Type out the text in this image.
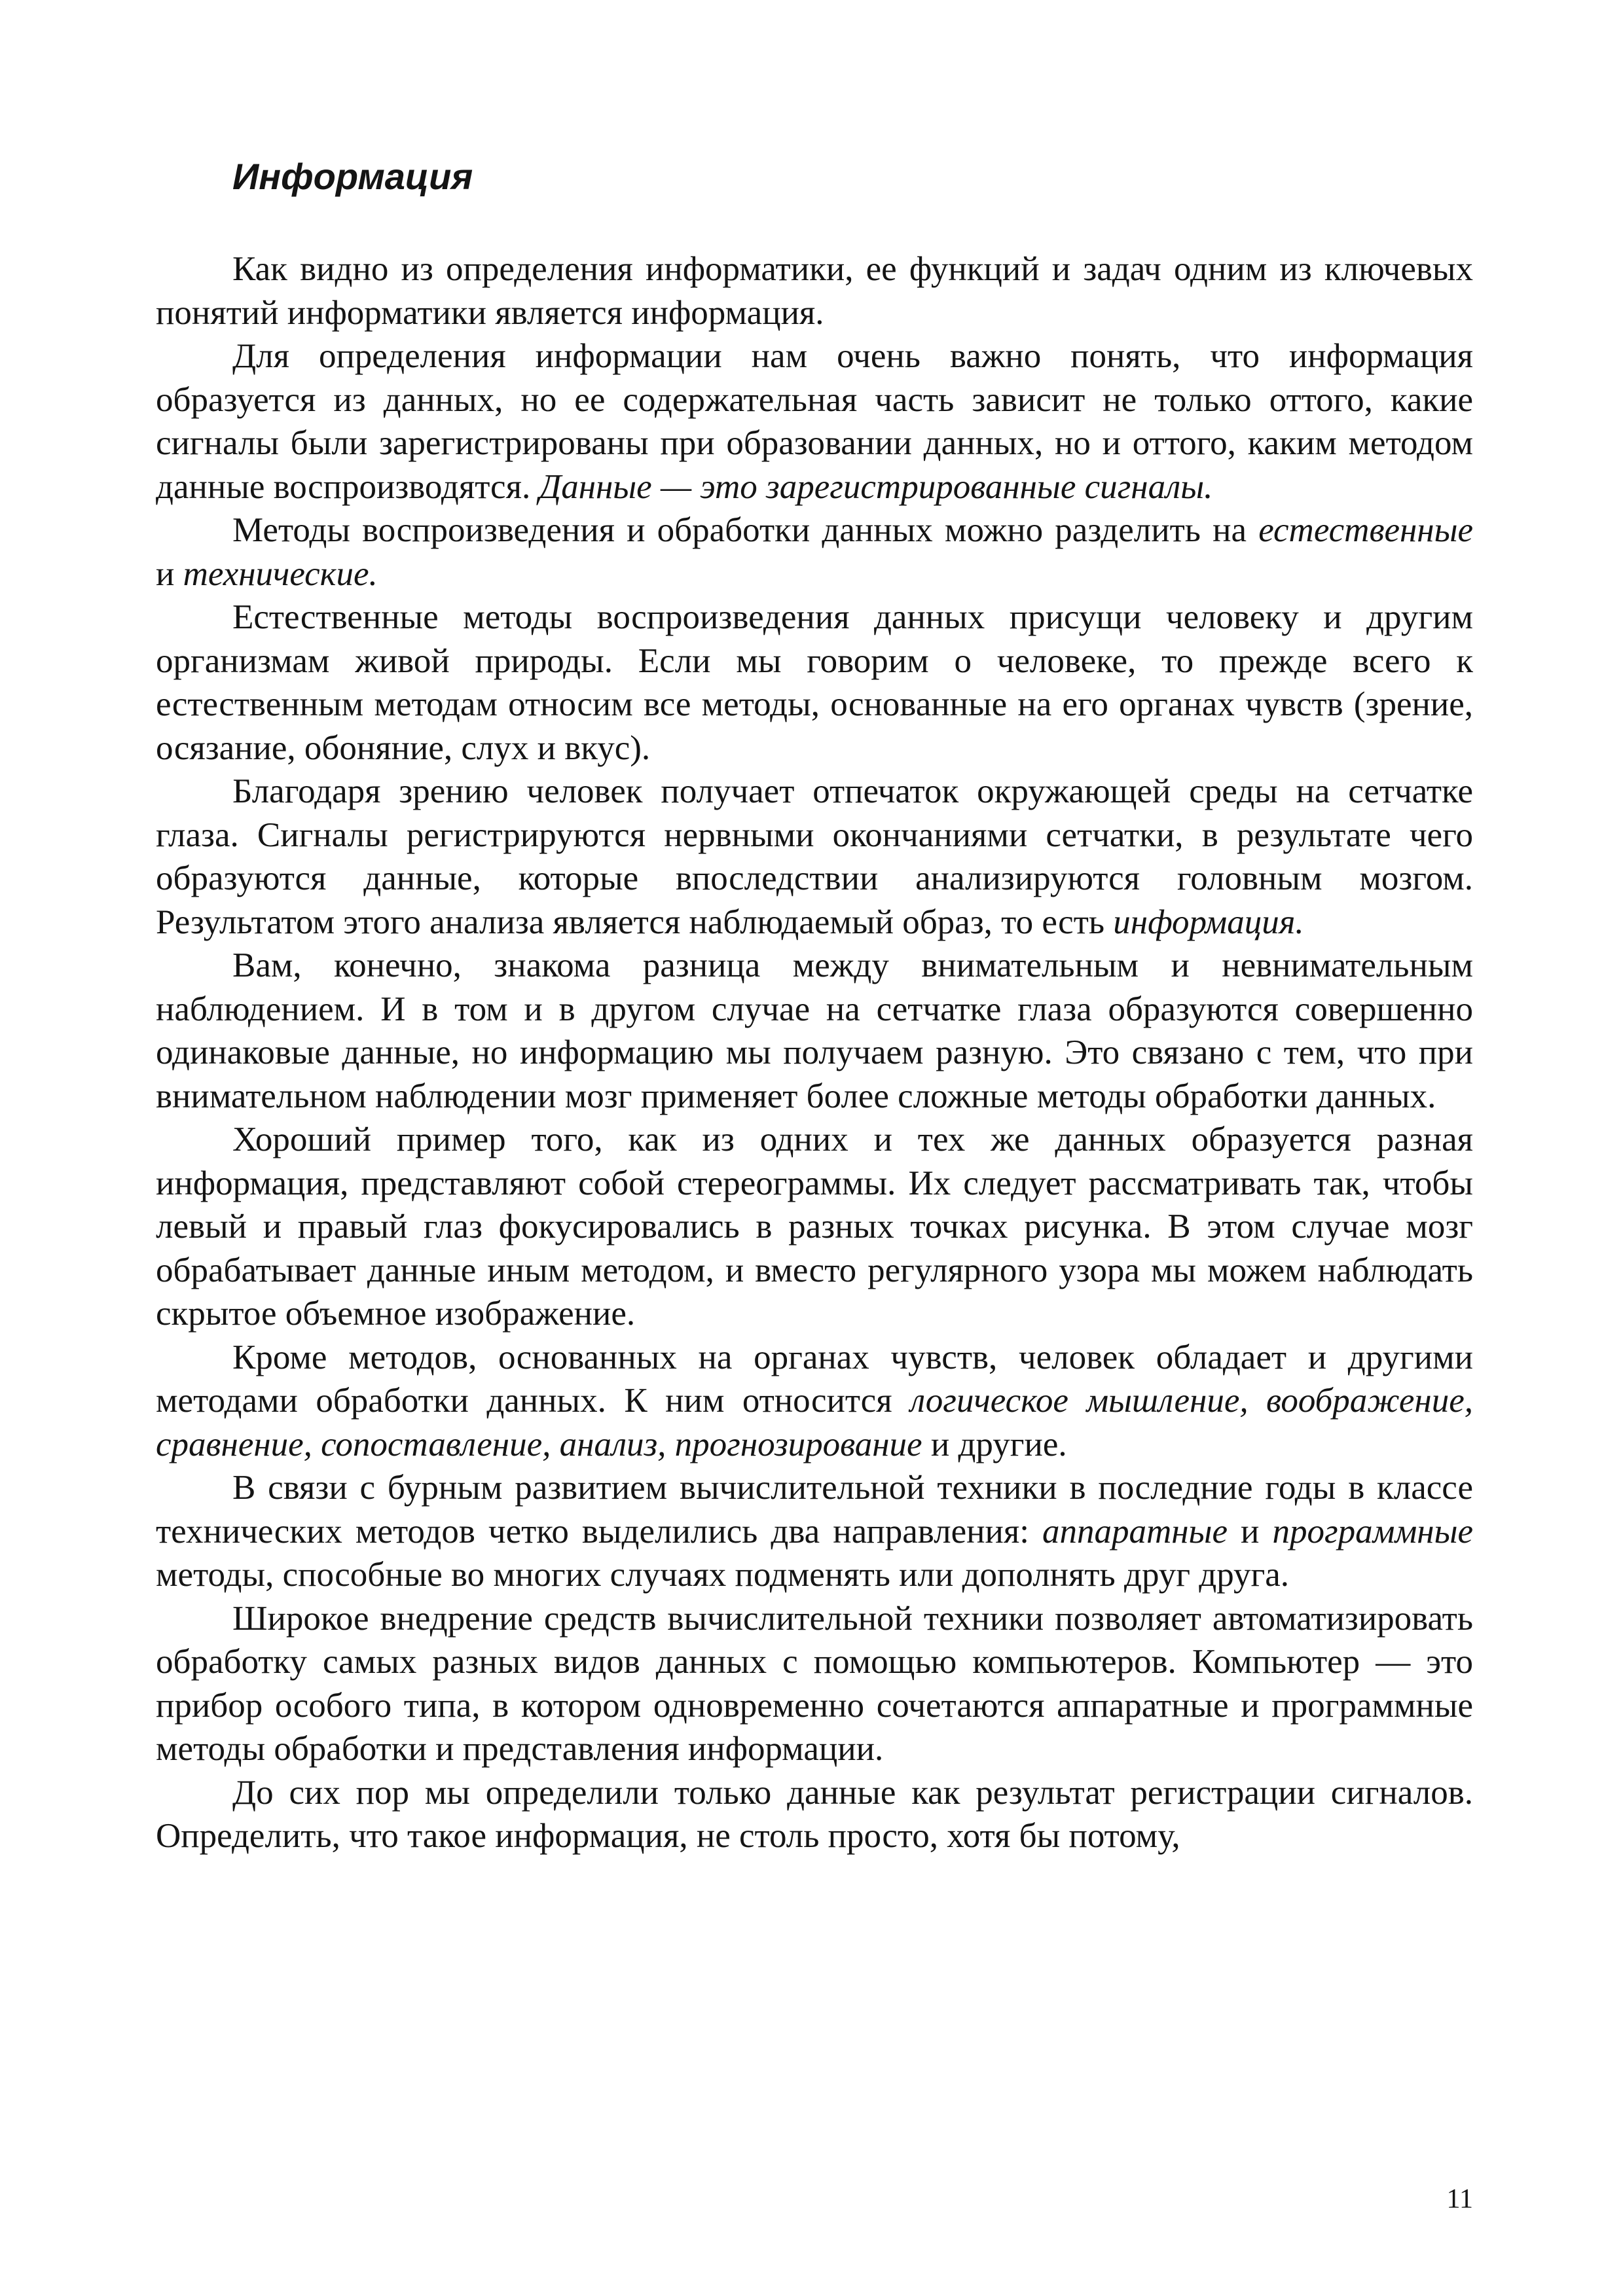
Информация

Как видно из определения информатики, ее функций и задач одним из ключевых понятий информатики является информация.

Для определения информации нам очень важно понять, что информация образуется из данных, но ее содержательная часть зависит не только оттого, какие сигналы были зарегистрированы при образовании данных, но и оттого, каким методом данные воспроизводятся. Данные — это зарегистрированные сигналы.

Методы воспроизведения и обработки данных можно разделить на естественные и технические.

Естественные методы воспроизведения данных присущи человеку и другим организмам живой природы. Если мы говорим о человеке, то прежде всего к естественным методам относим все методы, основанные на его органах чувств (зрение, осязание, обоняние, слух и вкус).

Благодаря зрению человек получает отпечаток окружающей среды на сетчатке глаза. Сигналы регистрируются нервными окончаниями сетчатки, в результате чего образуются данные, которые впоследствии анализируются головным мозгом. Результатом этого анализа является наблюдаемый образ, то есть информация.

Вам, конечно, знакома разница между внимательным и невнимательным наблюдением. И в том и в другом случае на сетчатке глаза образуются совершенно одинаковые данные, но информацию мы получаем разную. Это связано с тем, что при внимательном наблюдении мозг применяет более сложные методы обработки данных.

Хороший пример того, как из одних и тех же данных образуется разная информация, представляют собой стереограммы. Их следует рассматривать так, чтобы левый и правый глаз фокусировались в разных точках рисунка. В этом случае мозг обрабатывает данные иным методом, и вместо регулярного узора мы можем наблюдать скрытое объемное изображение.

Кроме методов, основанных на органах чувств, человек обладает и другими методами обработки данных. К ним относится логическое мышление, воображение, сравнение, сопоставление, анализ, прогнозирование и другие.

В связи с бурным развитием вычислительной техники в последние годы в классе технических методов четко выделились два направления: аппаратные и программные методы, способные во многих случаях подменять или дополнять друг друга.

Широкое внедрение средств вычислительной техники позволяет автоматизировать обработку самых разных видов данных с помощью компьютеров. Компьютер — это прибор особого типа, в котором одновременно сочетаются аппаратные и программные методы обработки и представления информации.

До сих пор мы определили только данные как результат регистрации сигналов. Определить, что такое информация, не столь просто, хотя бы потому,

11
